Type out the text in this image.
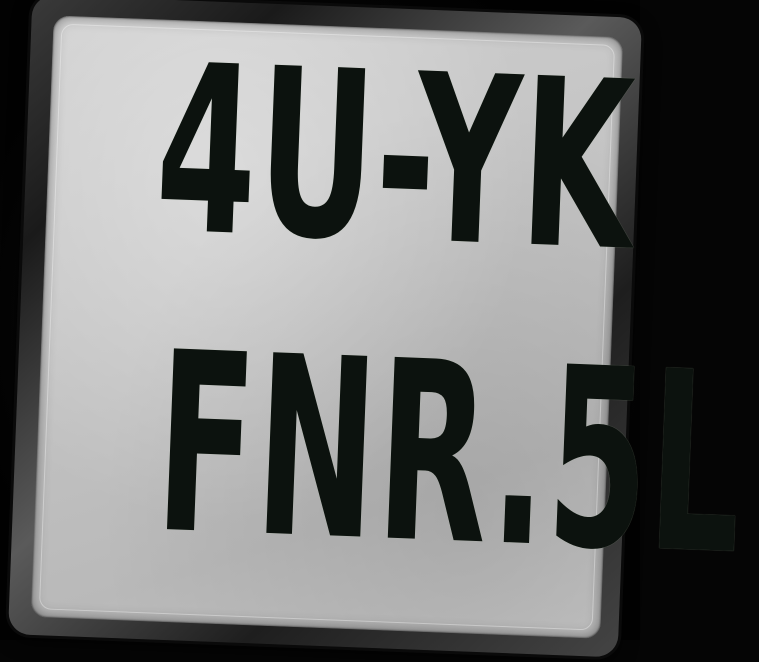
4U-YK
FNR.5L
